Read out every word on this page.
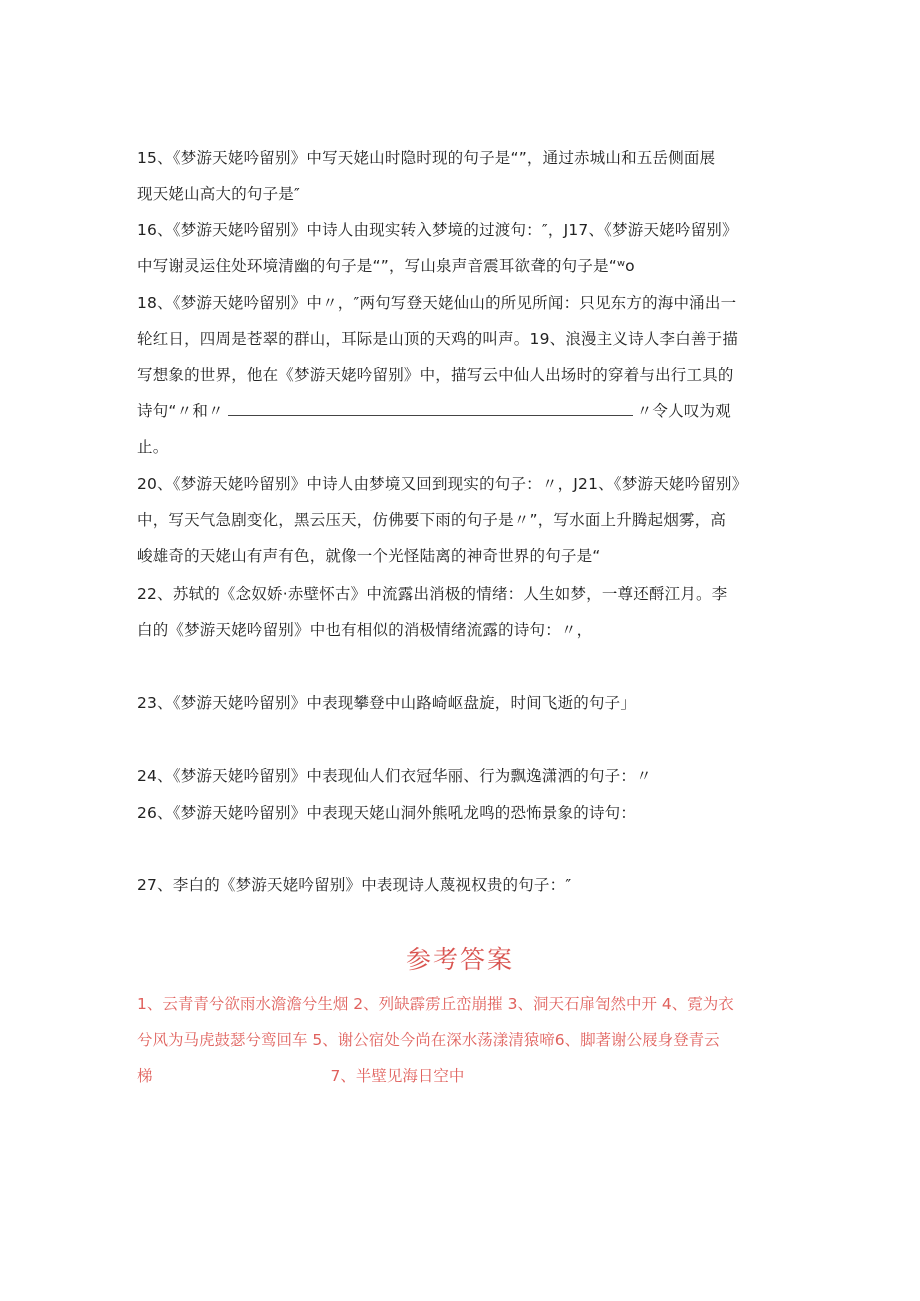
15、《梦游天姥吟留别》中写天姥山时隐时现的句子是“”，通过赤城山和五岳侧面展
现天姥山高大的句子是″
16、《梦游天姥吟留别》中诗人由现实转入梦境的过渡句：″，J17、《梦游天姥吟留别》
中写谢灵运住处环境清幽的句子是“”，写山泉声音震耳欲聋的句子是“ʷo
18、《梦游天姥吟留别》中〃，″两句写登天姥仙山的所见所闻：只见东方的海中涌出一
轮红日，四周是苍翠的群山，耳际是山顶的天鸡的叫声。19、浪漫主义诗人李白善于描
写想象的世界，他在《梦游天姥吟留别》中，描写云中仙人出场时的穿着与出行工具的
诗句“〃和〃	〃令人叹为观
止。
20、《梦游天姥吟留别》中诗人由梦境又回到现实的句子：〃，J21、《梦游天姥吟留别》
中，写天气急剧变化，黑云压天，仿佛要下雨的句子是〃”，写水面上升腾起烟雾，高
峻雄奇的天姥山有声有色，就像一个光怪陆离的神奇世界的句子是“
22、苏轼的《念奴娇·赤壁怀古》中流露出消极的情绪：人生如梦，一尊还酹江月。李
白的《梦游天姥吟留别》中也有相似的消极情绪流露的诗句：〃，
23、《梦游天姥吟留别》中表现攀登中山路崎岖盘旋，时间飞逝的句子」
24、《梦游天姥吟留别》中表现仙人们衣冠华丽、行为飘逸潇洒的句子：〃
26、《梦游天姥吟留别》中表现天姥山洞外熊吼龙鸣的恐怖景象的诗句：
27、李白的《梦游天姥吟留别》中表现诗人蔑视权贵的句子：″
参考答案
1、云青青兮欲雨水澹澹兮生烟 2、列缺霹雳丘峦崩摧 3、洞天石扉訇然中开 4、霓为衣
兮风为马虎鼓瑟兮鸾回车 5、谢公宿处今尚在深水荡漾清猿啼6、脚著谢公屐身登青云
梯	7、半壁见海日空中
